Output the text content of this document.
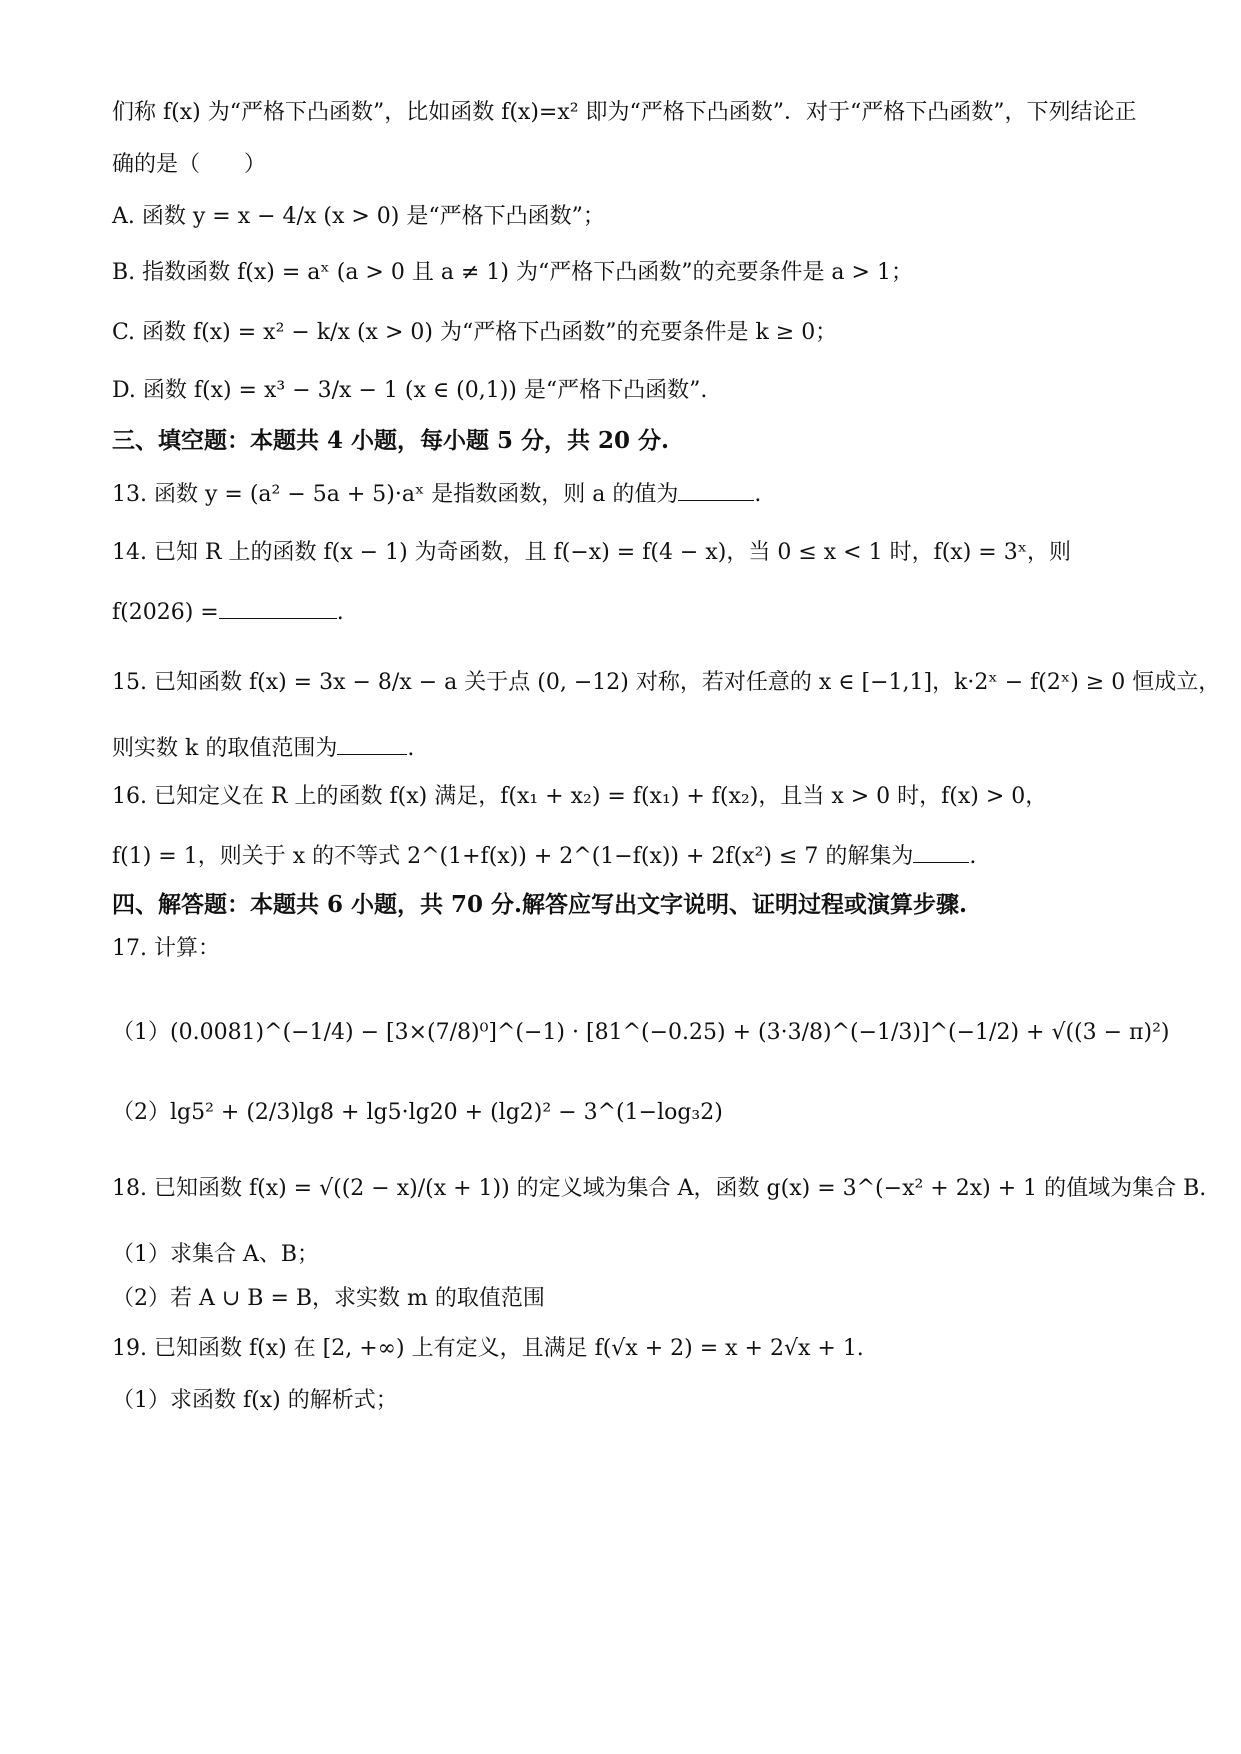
们称 f(x) 为“严格下凸函数”，比如函数 f(x)=x² 即为“严格下凸函数”．对于“严格下凸函数”，下列结论正
确的是（　　）
A. 函数 y = x − 4/x (x > 0) 是“严格下凸函数”；
B. 指数函数 f(x) = aˣ (a > 0 且 a ≠ 1) 为“严格下凸函数”的充要条件是 a > 1；
C. 函数 f(x) = x² − k/x (x > 0) 为“严格下凸函数”的充要条件是 k ≥ 0；
D. 函数 f(x) = x³ − 3/x − 1 (x ∈ (0,1)) 是“严格下凸函数”.
三、填空题：本题共 4 小题，每小题 5 分，共 20 分.
13. 函数 y = (a² − 5a + 5)·aˣ 是指数函数，则 a 的值为	.
14. 已知 R 上的函数 f(x − 1) 为奇函数，且 f(−x) = f(4 − x)，当 0 ≤ x < 1 时，f(x) = 3ˣ，则
f(2026) =	.
15. 已知函数 f(x) = 3x − 8/x − a 关于点 (0, −12) 对称，若对任意的 x ∈ [−1,1]，k·2ˣ − f(2ˣ) ≥ 0 恒成立，
则实数 k 的取值范围为	.
16. 已知定义在 R 上的函数 f(x) 满足，f(x₁ + x₂) = f(x₁) + f(x₂)，且当 x > 0 时，f(x) > 0，
f(1) = 1，则关于 x 的不等式 2^(1+f(x)) + 2^(1−f(x)) + 2f(x²) ≤ 7 的解集为	.
四、解答题：本题共 6 小题，共 70 分.解答应写出文字说明、证明过程或演算步骤.
17. 计算：
（1）(0.0081)^(−1/4) − [3×(7/8)⁰]^(−1) · [81^(−0.25) + (3·3/8)^(−1/3)]^(−1/2) + √((3 − π)²)
（2）lg5² + (2/3)lg8 + lg5·lg20 + (lg2)² − 3^(1−log₃2)
18. 已知函数 f(x) = √((2 − x)/(x + 1)) 的定义域为集合 A，函数 g(x) = 3^(−x² + 2x) + 1 的值域为集合 B.
（1）求集合 A、B；
（2）若 A ∪ B = B，求实数 m 的取值范围
19. 已知函数 f(x) 在 [2, +∞) 上有定义，且满足 f(√x + 2) = x + 2√x + 1.
（1）求函数 f(x) 的解析式；
